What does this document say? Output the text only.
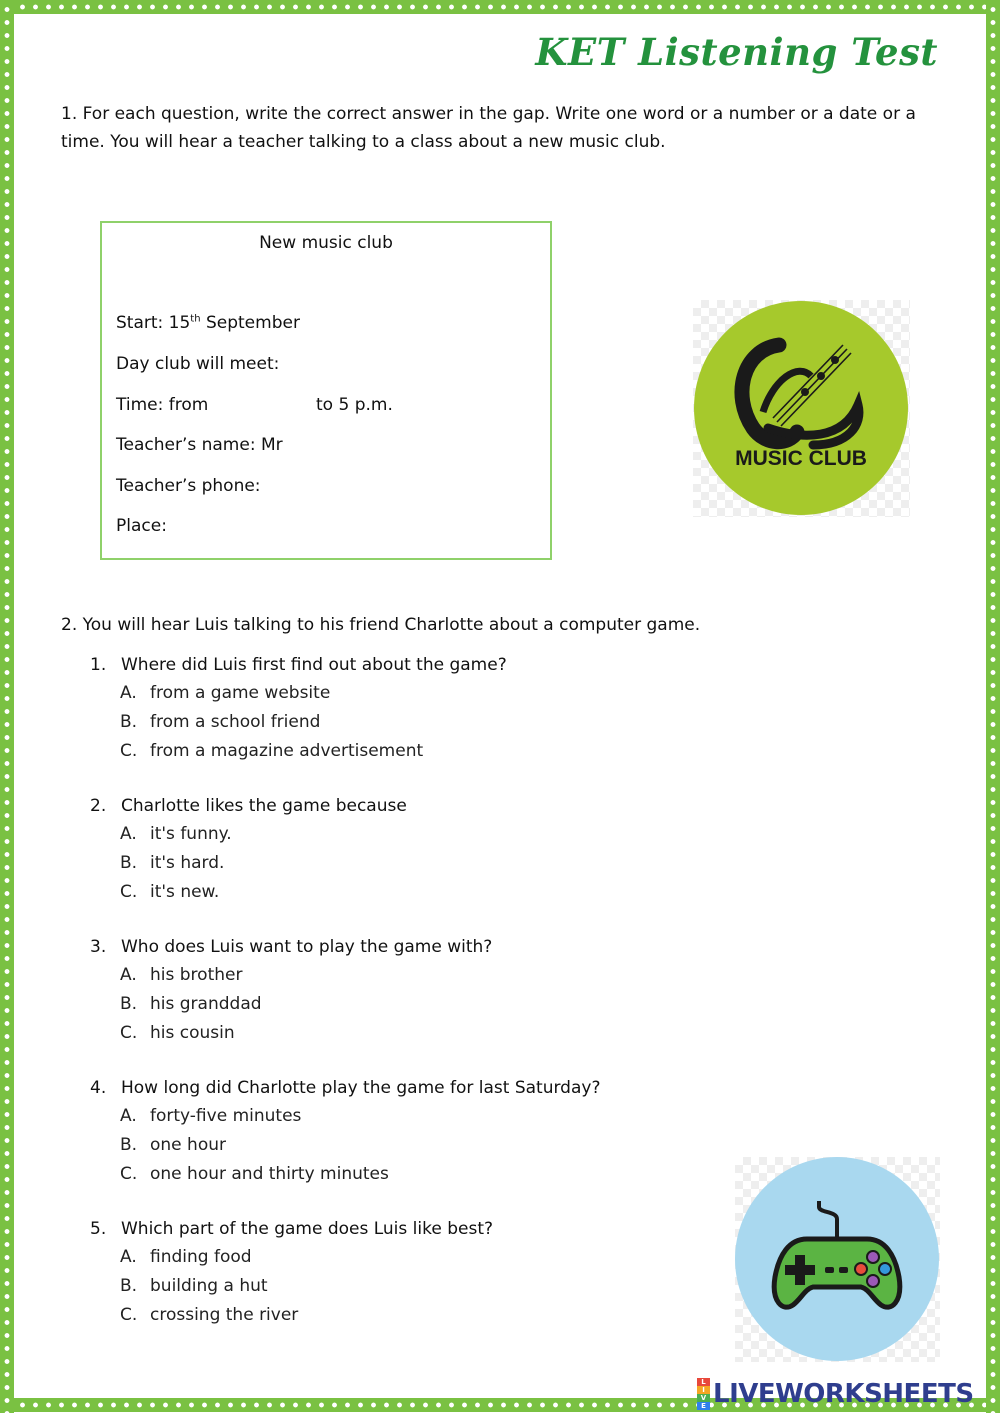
KET Listening Test
1. For each question, write the correct answer in the gap. Write one word or a number or a date or a time. You will hear a teacher talking to a class about a new music club.
New music club
Start: 15th September
Day club will meet:
Time: from	to 5 p.m.
Teacher’s name: Mr
Teacher’s phone:
Place:
MUSIC CLUB
2. You will hear Luis talking to his friend Charlotte about a computer game.
1. Where did Luis first find out about the game?
A. from a game website
B. from a school friend
C. from a magazine advertisement
2. Charlotte likes the game because
A. it's funny.
B. it's hard.
C. it's new.
3. Who does Luis want to play the game with?
A. his brother
B. his granddad
C. his cousin
4. How long did Charlotte play the game for last Saturday?
A. forty-five minutes
B. one hour
C. one hour and thirty minutes
5. Which part of the game does Luis like best?
A. finding food
B. building a hut
C. crossing the river
L
I
V
E LIVEWORKSHEETS
